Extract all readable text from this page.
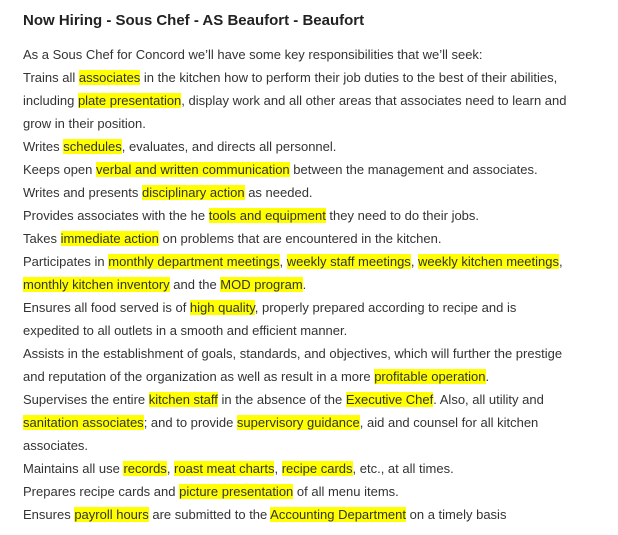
Now Hiring - Sous Chef - AS Beaufort - Beaufort
As a Sous Chef for Concord we’ll have some key responsibilities that we’ll seek:
Trains all associates in the kitchen how to perform their job duties to the best of their abilities,
including plate presentation, display work and all other areas that associates need to learn and
grow in their position.
Writes schedules, evaluates, and directs all personnel.
Keeps open verbal and written communication between the management and associates.
Writes and presents disciplinary action as needed.
Provides associates with the he tools and equipment they need to do their jobs.
Takes immediate action on problems that are encountered in the kitchen.
Participates in monthly department meetings, weekly staff meetings, weekly kitchen meetings,
monthly kitchen inventory and the MOD program.
Ensures all food served is of high quality, properly prepared according to recipe and is
expedited to all outlets in a smooth and efficient manner.
Assists in the establishment of goals, standards, and objectives, which will further the prestige
and reputation of the organization as well as result in a more profitable operation.
Supervises the entire kitchen staff in the absence of the Executive Chef. Also, all utility and
sanitation associates; and to provide supervisory guidance, aid and counsel for all kitchen
associates.
Maintains all use records, roast meat charts, recipe cards, etc., at all times.
Prepares recipe cards and picture presentation of all menu items.
Ensures payroll hours are submitted to the Accounting Department on a timely basis
